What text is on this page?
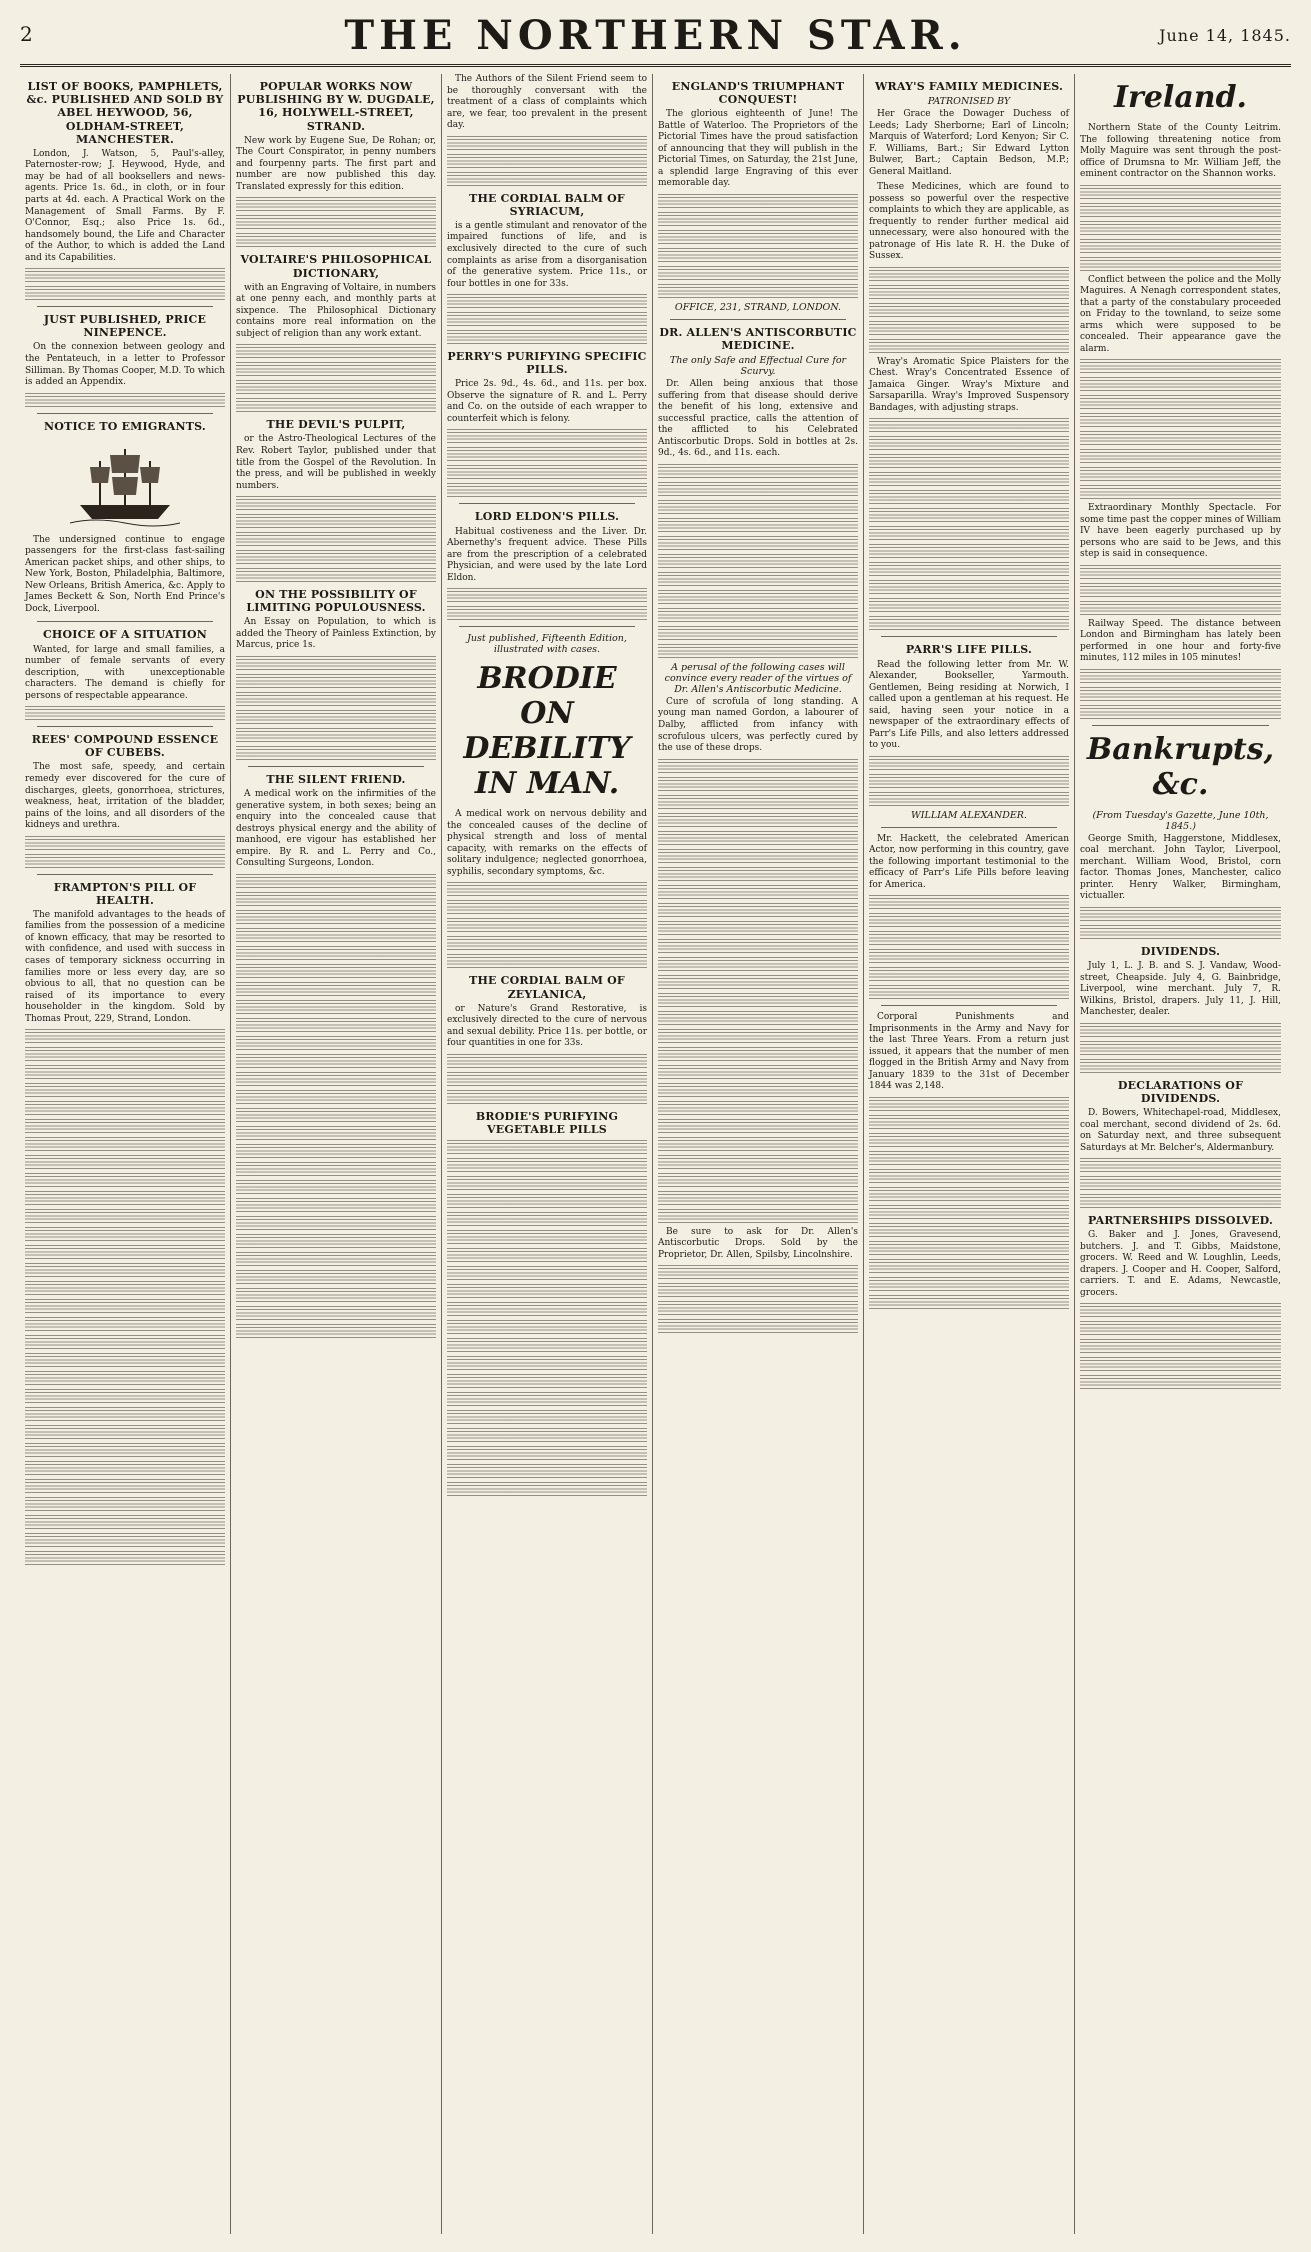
2	THE NORTHERN STAR.	June 14, 1845.
LIST OF BOOKS, PAMPHLETS, &c. PUBLISHED AND SOLD BY ABEL HEYWOOD, 56, OLDHAM-STREET, MANCHESTER.
London, J. Watson, 5, Paul's-alley, Paternoster-row; J. Heywood, Hyde, and may be had of all booksellers and news-agents. Price 1s. 6d., in cloth, or in four parts at 4d. each. A Practical Work on the Management of Small Farms. By F. O'Connor, Esq.; also Price 1s. 6d., handsomely bound, the Life and Character of the Author, to which is added the Land and its Capabilities.
JUST PUBLISHED, PRICE NINEPENCE.
On the connexion between geology and the Pentateuch, in a letter to Professor Silliman. By Thomas Cooper, M.D. To which is added an Appendix.
NOTICE TO EMIGRANTS.
The undersigned continue to engage passengers for the first-class fast-sailing American packet ships, and other ships, to New York, Boston, Philadelphia, Baltimore, New Orleans, British America, &c. Apply to James Beckett & Son, North End Prince's Dock, Liverpool.
CHOICE OF A SITUATION
Wanted, for large and small families, a number of female servants of every description, with unexceptionable characters. The demand is chiefly for persons of respectable appearance.
REES' COMPOUND ESSENCE OF CUBEBS.
The most safe, speedy, and certain remedy ever discovered for the cure of discharges, gleets, gonorrhoea, strictures, weakness, heat, irritation of the bladder, pains of the loins, and all disorders of the kidneys and urethra.
FRAMPTON'S PILL OF HEALTH.
The manifold advantages to the heads of families from the possession of a medicine of known efficacy, that may be resorted to with confidence, and used with success in cases of temporary sickness occurring in families more or less every day, are so obvious to all, that no question can be raised of its importance to every householder in the kingdom. Sold by Thomas Prout, 229, Strand, London.
POPULAR WORKS NOW PUBLISHING BY W. DUGDALE, 16, HOLYWELL-STREET, STRAND.
New work by Eugene Sue, De Rohan; or, The Court Conspirator, in penny numbers and fourpenny parts. The first part and number are now published this day. Translated expressly for this edition.
VOLTAIRE'S PHILOSOPHICAL DICTIONARY,
with an Engraving of Voltaire, in numbers at one penny each, and monthly parts at sixpence. The Philosophical Dictionary contains more real information on the subject of religion than any work extant.
THE DEVIL'S PULPIT,
or the Astro-Theological Lectures of the Rev. Robert Taylor, published under that title from the Gospel of the Revolution. In the press, and will be published in weekly numbers.
ON THE POSSIBILITY OF LIMITING POPULOUSNESS.
An Essay on Population, to which is added the Theory of Painless Extinction, by Marcus, price 1s.
THE SILENT FRIEND.
A medical work on the infirmities of the generative system, in both sexes; being an enquiry into the concealed cause that destroys physical energy and the ability of manhood, ere vigour has established her empire. By R. and L. Perry and Co., Consulting Surgeons, London.
The Authors of the Silent Friend seem to be thoroughly conversant with the treatment of a class of complaints which are, we fear, too prevalent in the present day.
THE CORDIAL BALM OF SYRIACUM,
is a gentle stimulant and renovator of the impaired functions of life, and is exclusively directed to the cure of such complaints as arise from a disorganisation of the generative system. Price 11s., or four bottles in one for 33s.
PERRY'S PURIFYING SPECIFIC PILLS.
Price 2s. 9d., 4s. 6d., and 11s. per box. Observe the signature of R. and L. Perry and Co. on the outside of each wrapper to counterfeit which is felony.
LORD ELDON'S PILLS.
Habitual costiveness and the Liver. Dr. Abernethy's frequent advice. These Pills are from the prescription of a celebrated Physician, and were used by the late Lord Eldon.
Just published, Fifteenth Edition, illustrated with cases.
BRODIE ON DEBILITY IN MAN.
A medical work on nervous debility and the concealed causes of the decline of physical strength and loss of mental capacity, with remarks on the effects of solitary indulgence; neglected gonorrhoea, syphilis, secondary symptoms, &c.
THE CORDIAL BALM OF ZEYLANICA,
or Nature's Grand Restorative, is exclusively directed to the cure of nervous and sexual debility. Price 11s. per bottle, or four quantities in one for 33s.
BRODIE'S PURIFYING VEGETABLE PILLS
ENGLAND'S TRIUMPHANT CONQUEST!
The glorious eighteenth of June! The Battle of Waterloo. The Proprietors of the Pictorial Times have the proud satisfaction of announcing that they will publish in the Pictorial Times, on Saturday, the 21st June, a splendid large Engraving of this ever memorable day.
OFFICE, 231, STRAND, LONDON.
DR. ALLEN'S ANTISCORBUTIC MEDICINE.
The only Safe and Effectual Cure for Scurvy.
Dr. Allen being anxious that those suffering from that disease should derive the benefit of his long, extensive and successful practice, calls the attention of the afflicted to his Celebrated Antiscorbutic Drops. Sold in bottles at 2s. 9d., 4s. 6d., and 11s. each.
A perusal of the following cases will convince every reader of the virtues of Dr. Allen's Antiscorbutic Medicine.
Cure of scrofula of long standing. A young man named Gordon, a labourer of Dalby, afflicted from infancy with scrofulous ulcers, was perfectly cured by the use of these drops.
Be sure to ask for Dr. Allen's Antiscorbutic Drops. Sold by the Proprietor, Dr. Allen, Spilsby, Lincolnshire.
WRAY'S FAMILY MEDICINES.
PATRONISED BY
Her Grace the Dowager Duchess of Leeds; Lady Sherborne; Earl of Lincoln; Marquis of Waterford; Lord Kenyon; Sir C. F. Williams, Bart.; Sir Edward Lytton Bulwer, Bart.; Captain Bedson, M.P.; General Maitland.
These Medicines, which are found to possess so powerful over the respective complaints to which they are applicable, as frequently to render further medical aid unnecessary, were also honoured with the patronage of His late R. H. the Duke of Sussex.
Wray's Aromatic Spice Plaisters for the Chest. Wray's Concentrated Essence of Jamaica Ginger. Wray's Mixture and Sarsaparilla. Wray's Improved Suspensory Bandages, with adjusting straps.
PARR'S LIFE PILLS.
Read the following letter from Mr. W. Alexander, Bookseller, Yarmouth. Gentlemen, Being residing at Norwich, I called upon a gentleman at his request. He said, having seen your notice in a newspaper of the extraordinary effects of Parr's Life Pills, and also letters addressed to you.
WILLIAM ALEXANDER.
Mr. Hackett, the celebrated American Actor, now performing in this country, gave the following important testimonial to the efficacy of Parr's Life Pills before leaving for America.
Corporal Punishments and Imprisonments in the Army and Navy for the last Three Years. From a return just issued, it appears that the number of men flogged in the British Army and Navy from January 1839 to the 31st of December 1844 was 2,148.
Ireland.
Northern State of the County Leitrim. The following threatening notice from Molly Maguire was sent through the post-office of Drumsna to Mr. William Jeff, the eminent contractor on the Shannon works.
Conflict between the police and the Molly Maguires. A Nenagh correspondent states, that a party of the constabulary proceeded on Friday to the townland, to seize some arms which were supposed to be concealed. Their appearance gave the alarm.
Extraordinary Monthly Spectacle. For some time past the copper mines of William IV have been eagerly purchased up by persons who are said to be Jews, and this step is said in consequence.
Railway Speed. The distance between London and Birmingham has lately been performed in one hour and forty-five minutes, 112 miles in 105 minutes!
Bankrupts, &c.
(From Tuesday's Gazette, June 10th, 1845.)
George Smith, Haggerstone, Middlesex, coal merchant. John Taylor, Liverpool, merchant. William Wood, Bristol, corn factor. Thomas Jones, Manchester, calico printer. Henry Walker, Birmingham, victualler.
DIVIDENDS.
July 1, L. J. B. and S. J. Vandaw, Wood-street, Cheapside. July 4, G. Bainbridge, Liverpool, wine merchant. July 7, R. Wilkins, Bristol, drapers. July 11, J. Hill, Manchester, dealer.
DECLARATIONS OF DIVIDENDS.
D. Bowers, Whitechapel-road, Middlesex, coal merchant, second dividend of 2s. 6d. on Saturday next, and three subsequent Saturdays at Mr. Belcher's, Aldermanbury.
PARTNERSHIPS DISSOLVED.
G. Baker and J. Jones, Gravesend, butchers. J. and T. Gibbs, Maidstone, grocers. W. Reed and W. Loughlin, Leeds, drapers. J. Cooper and H. Cooper, Salford, carriers. T. and E. Adams, Newcastle, grocers.
